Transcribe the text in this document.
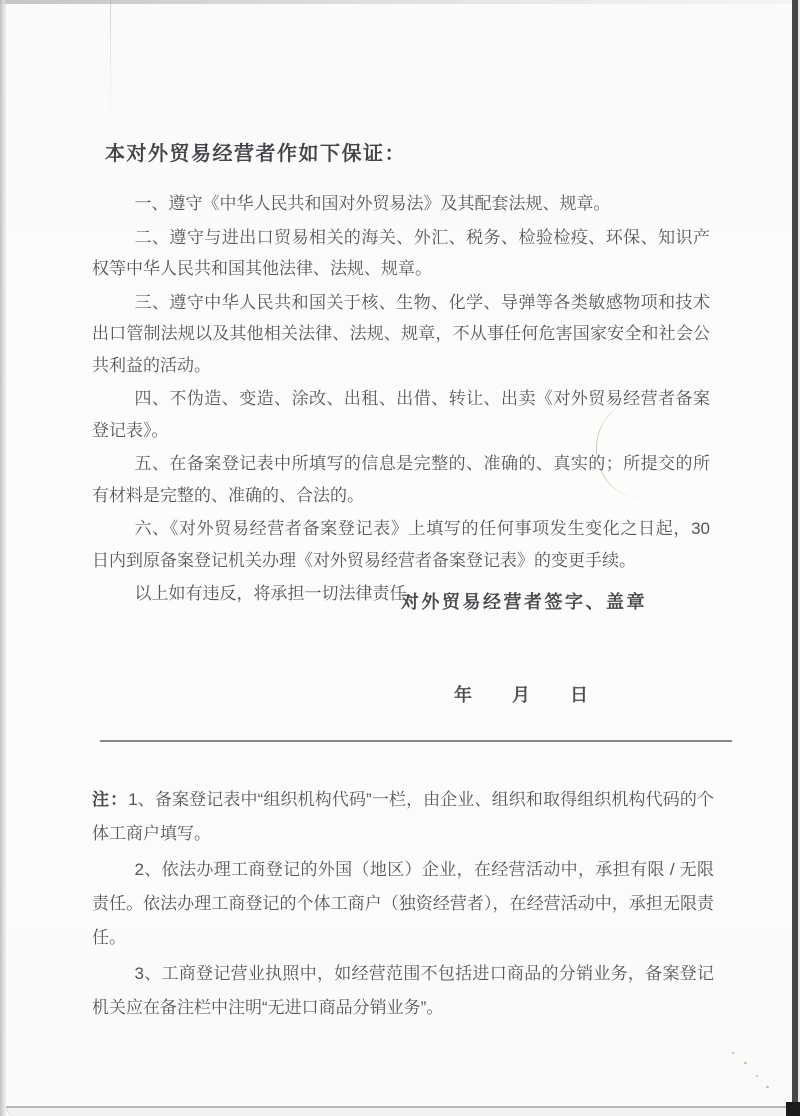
本对外贸易经营者作如下保证：

一、遵守《中华人民共和国对外贸易法》及其配套法规、规章。

二、遵守与进出口贸易相关的海关、外汇、税务、检验检疫、环保、知识产权等中华人民共和国其他法律、法规、规章。

三、遵守中华人民共和国关于核、生物、化学、导弹等各类敏感物项和技术出口管制法规以及其他相关法律、法规、规章，不从事任何危害国家安全和社会公共利益的活动。

四、不伪造、变造、涂改、出租、出借、转让、出卖《对外贸易经营者备案登记表》。

五、在备案登记表中所填写的信息是完整的、准确的、真实的；所提交的所有材料是完整的、准确的、合法的。

六、《对外贸易经营者备案登记表》上填写的任何事项发生变化之日起，30 日内到原备案登记机关办理《对外贸易经营者备案登记表》的变更手续。

以上如有违反，将承担一切法律责任。

对外贸易经营者签字、盖章
年 月 日

注：1、备案登记表中“组织机构代码”一栏，由企业、组织和取得组织机构代码的个体工商户填写。

2、依法办理工商登记的外国（地区）企业，在经营活动中，承担有限 / 无限责任。依法办理工商登记的个体工商户（独资经营者），在经营活动中，承担无限责任。

3、工商登记营业执照中，如经营范围不包括进口商品的分销业务，备案登记机关应在备注栏中注明“无进口商品分销业务”。
